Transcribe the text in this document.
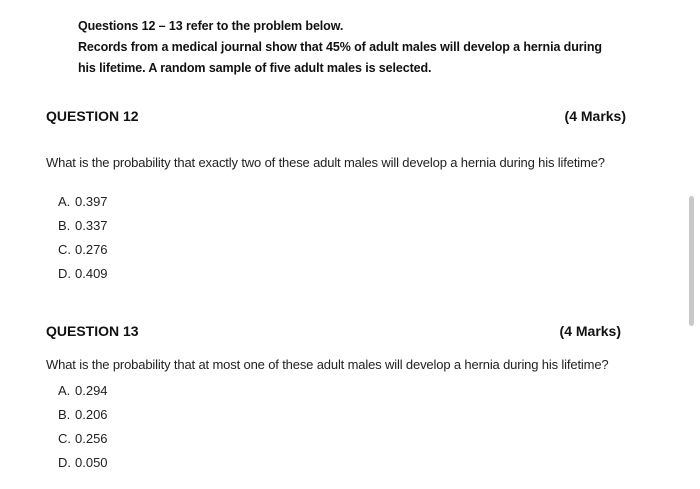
Questions 12 – 13 refer to the problem below.
Records from a medical journal show that 45% of adult males will develop a hernia during
his lifetime. A random sample of five adult males is selected.
QUESTION 12	(4 Marks)
What is the probability that exactly two of these adult males will develop a hernia during his lifetime?
A. 0.397
B. 0.337
C. 0.276
D. 0.409
QUESTION 13	(4 Marks)
What is the probability that at most one of these adult males will develop a hernia during his lifetime?
A. 0.294
B. 0.206
C. 0.256
D. 0.050
